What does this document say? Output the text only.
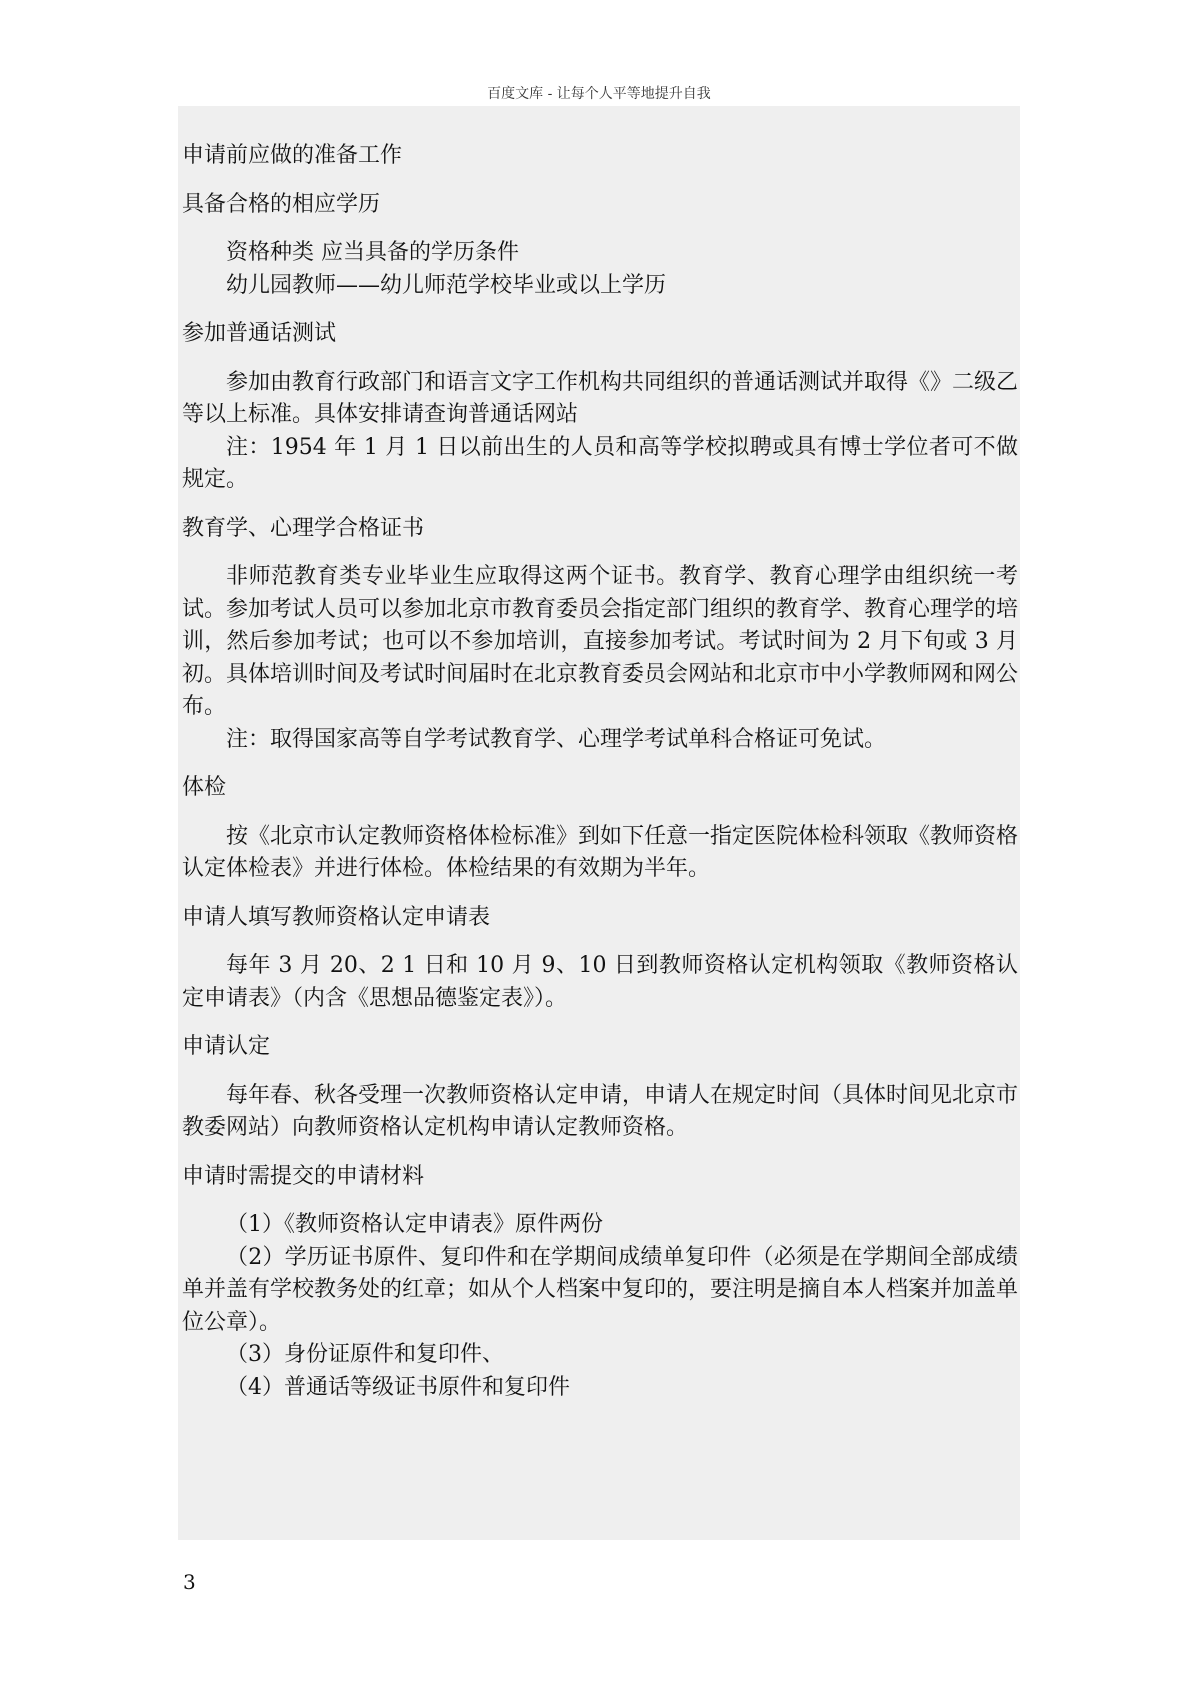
百度文库 - 让每个人平等地提升自我
申请前应做的准备工作
具备合格的相应学历

资格种类 应当具备的学历条件

幼儿园教师——幼儿师范学校毕业或以上学历

参加普通话测试

参加由教育行政部门和语言文字工作机构共同组织的普通话测试并取得《》二级乙等以上标准。具体安排请查询普通话网站

注：1954 年 1 月 1 日以前出生的人员和高等学校拟聘或具有博士学位者可不做规定。

教育学、心理学合格证书

非师范教育类专业毕业生应取得这两个证书。教育学、教育心理学由组织统一考试。参加考试人员可以参加北京市教育委员会指定部门组织的教育学、教育心理学的培训，然后参加考试；也可以不参加培训，直接参加考试。考试时间为 2 月下旬或 3 月初。具体培训时间及考试时间届时在北京教育委员会网站和北京市中小学教师网和网公布。

注：取得国家高等自学考试教育学、心理学考试单科合格证可免试。

体检

按《北京市认定教师资格体检标准》到如下任意一指定医院体检科领取《教师资格认定体检表》并进行体检。体检结果的有效期为半年。

申请人填写教师资格认定申请表

每年 3 月 20、2 1 日和 10 月 9、10 日到教师资格认定机构领取《教师资格认定申请表》（内含《思想品德鉴定表》）。

申请认定

每年春、秋各受理一次教师资格认定申请，申请人在规定时间（具体时间见北京市教委网站）向教师资格认定机构申请认定教师资格。

申请时需提交的申请材料

（1）《教师资格认定申请表》原件两份

（2）学历证书原件、复印件和在学期间成绩单复印件（必须是在学期间全部成绩单并盖有学校教务处的红章；如从个人档案中复印的，要注明是摘自本人档案并加盖单位公章）。

（3）身份证原件和复印件、

（4）普通话等级证书原件和复印件

3
